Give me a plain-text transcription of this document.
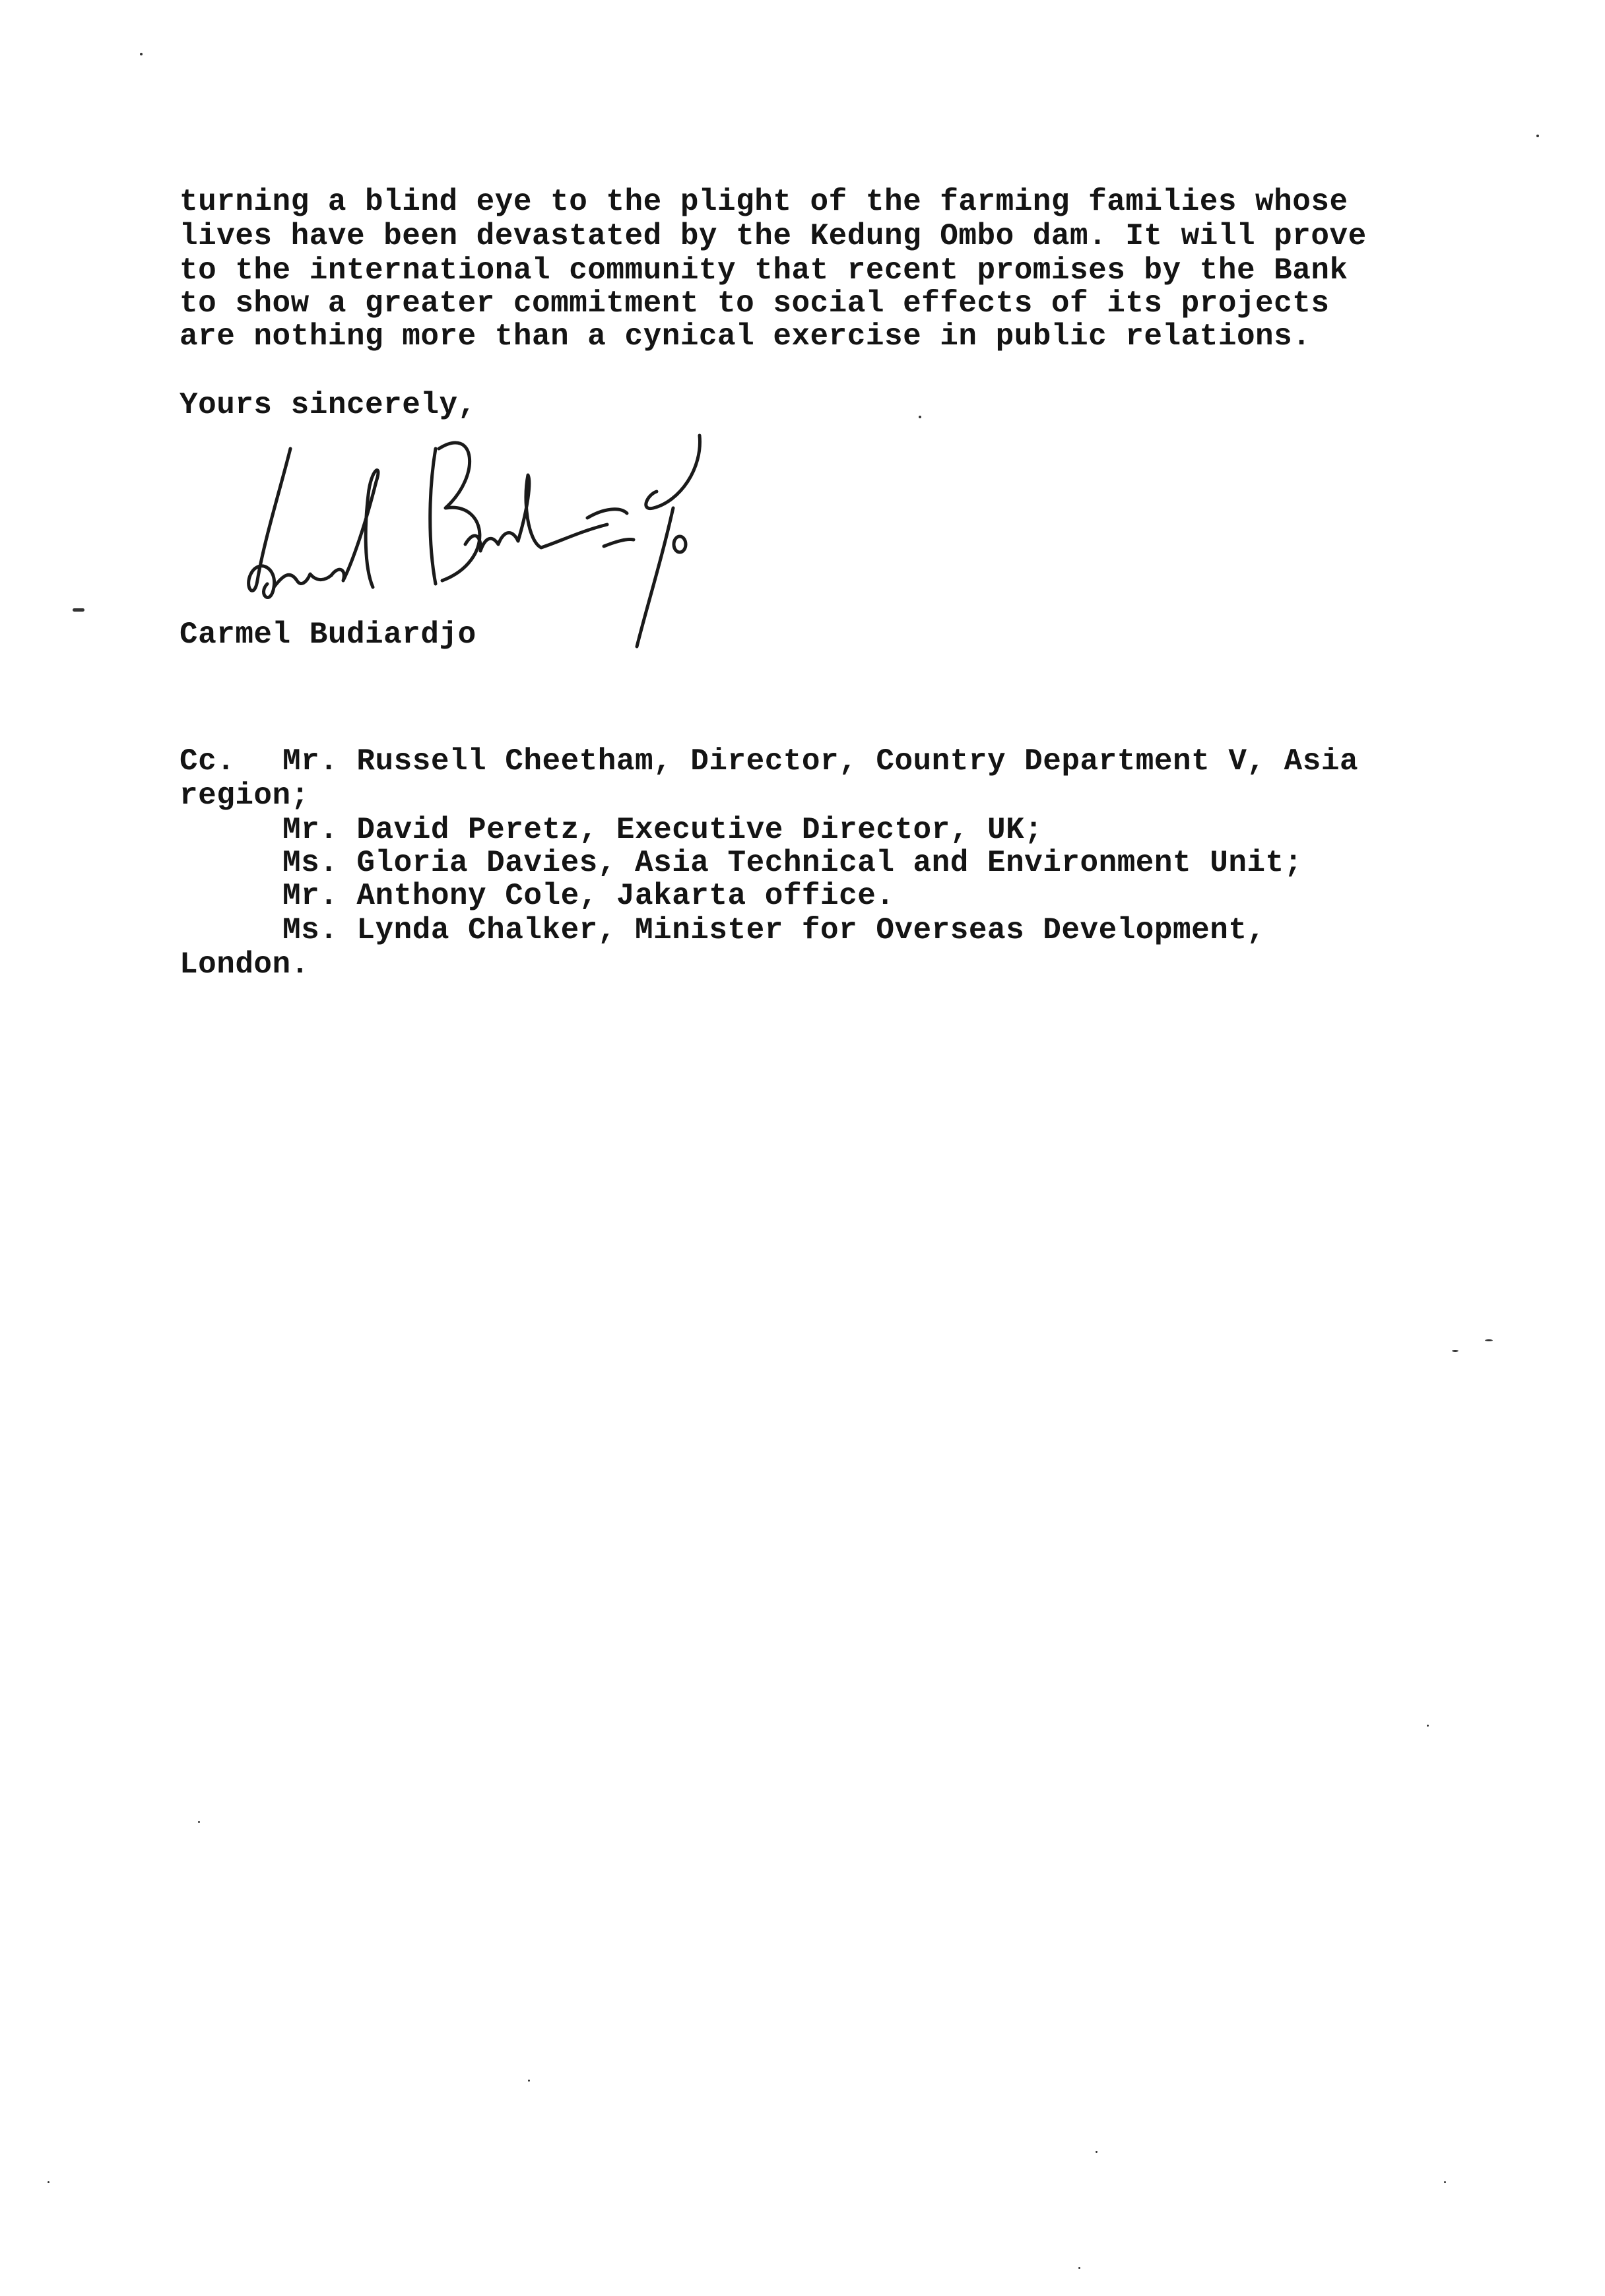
turning a blind eye to the plight of the farming families whose
lives have been devastated by the Kedung Ombo dam. It will prove
to the international community that recent promises by the Bank
to show a greater commitment to social effects of its projects
are nothing more than a cynical exercise in public relations.
Yours sincerely,
Carmel Budiardjo
Cc. Mr. Russell Cheetham, Director, Country Department V, Asia
region;
Mr. David Peretz, Executive Director, UK;
Ms. Gloria Davies, Asia Technical and Environment Unit;
Mr. Anthony Cole, Jakarta office.
Ms. Lynda Chalker, Minister for Overseas Development,
London.
